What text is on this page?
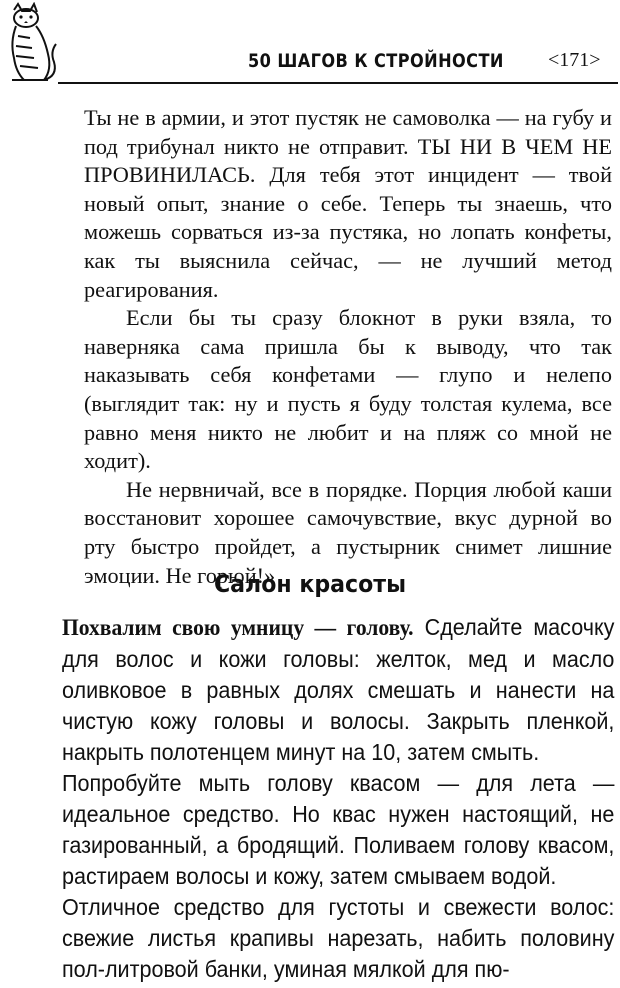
50 ШАГОВ К СТРОЙНОСТИ <171>

Ты не в армии, и этот пустяк не самоволка — на губу и под трибунал никто не отправит. ТЫ НИ В ЧЕМ НЕ ПРОВИНИЛАСЬ. Для тебя этот инцидент — твой новый опыт, знание о себе. Теперь ты знаешь, что можешь сорваться из-за пустяка, но лопать конфеты, как ты выяснила сейчас, — не лучший метод реагирования.

Если бы ты сразу блокнот в руки взяла, то наверняка сама пришла бы к выводу, что так наказывать себя конфетами — глупо и нелепо (выглядит так: ну и пусть я буду толстая кулема, все равно меня никто не любит и на пляж со мной не ходит).

Не нервничай, все в порядке. Порция любой каши восстановит хорошее самочувствие, вкус дурной во рту быстро пройдет, а пустырник снимет лишние эмоции. Не горюй!»

Салон красоты

Похвалим свою умницу — голову. Сделайте масочку для волос и кожи головы: желток, мед и масло оливковое в равных долях смешать и нанести на чистую кожу головы и волосы. Закрыть пленкой, накрыть полотенцем минут на 10, затем смыть.

Попробуйте мыть голову квасом — для лета — идеальное средство. Но квас нужен настоящий, не газированный, а бродящий. Поливаем голову квасом, растираем волосы и кожу, затем смываем водой.

Отличное средство для густоты и свежести волос: свежие листья крапивы нарезать, набить половину пол-литровой банки, уминая мялкой для пю-
